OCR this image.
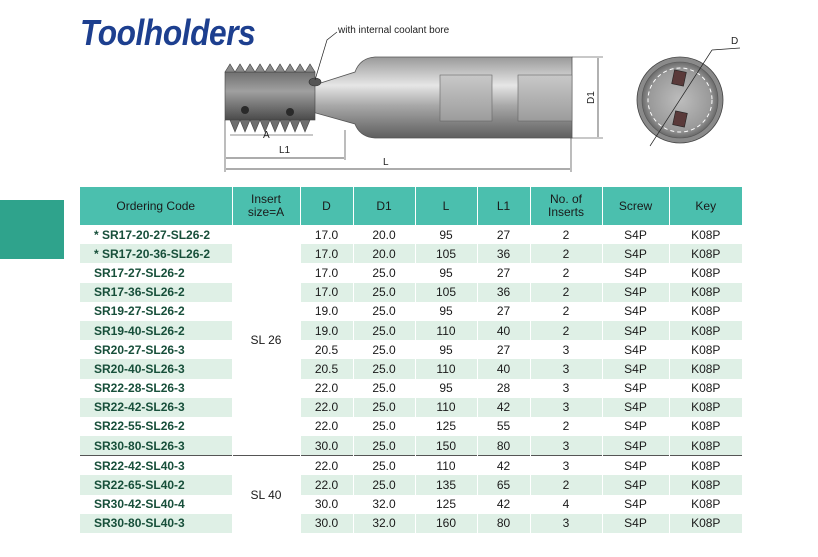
Toolholders	with internal coolant bore
D1
A
L1
L
D
Ordering Code	Insert size=A	D	D1	L	L1	No. of Inserts	Screw	Key
* SR17-20-27-SL26-2	SL 26	17.0	20.0	95	27	2	S4P	K08P
* SR17-20-36-SL26-2		17.0	20.0	105	36	2	S4P	K08P
SR17-27-SL26-2		17.0	25.0	95	27	2	S4P	K08P
SR17-36-SL26-2		17.0	25.0	105	36	2	S4P	K08P
SR19-27-SL26-2		19.0	25.0	95	27	2	S4P	K08P
SR19-40-SL26-2		19.0	25.0	110	40	2	S4P	K08P
SR20-27-SL26-3		20.5	25.0	95	27	3	S4P	K08P
SR20-40-SL26-3		20.5	25.0	110	40	3	S4P	K08P
SR22-28-SL26-3		22.0	25.0	95	28	3	S4P	K08P
SR22-42-SL26-3		22.0	25.0	110	42	3	S4P	K08P
SR22-55-SL26-2		22.0	25.0	125	55	2	S4P	K08P
SR30-80-SL26-3		30.0	25.0	150	80	3	S4P	K08P
SR22-42-SL40-3	SL 40	22.0	25.0	110	42	3	S4P	K08P
SR22-65-SL40-2		22.0	25.0	135	65	2	S4P	K08P
SR30-42-SL40-4		30.0	32.0	125	42	4	S4P	K08P
SR30-80-SL40-3		30.0	32.0	160	80	3	S4P	K08P
